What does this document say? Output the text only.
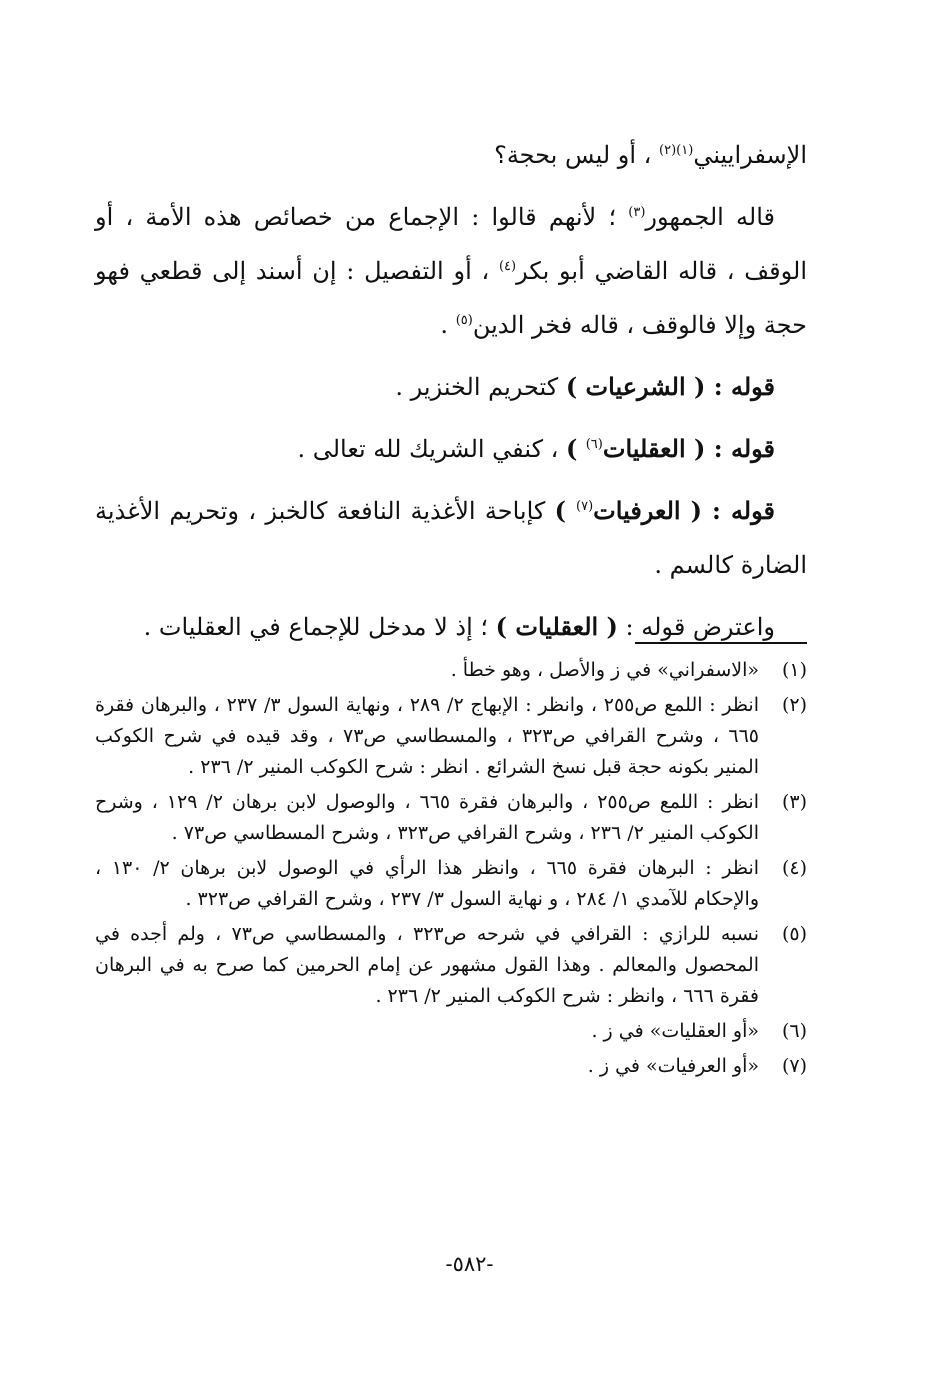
الإسفراييني$^{(١)(٢)}$ ، أو ليس بحجة؟

قاله الجمهور$^{(٣)}$ ؛ لأنهم قالوا : الإجماع من خصائص هذه الأمة ، أو الوقف ، قاله القاضي أبو بكر$^{(٤)}$ ، أو التفصيل : إن أسند إلى قطعي فهو حجة وإلا فالوقف ، قاله فخر الدين$^{(٥)}$ .

قوله : ( الشرعيات ) كتحريم الخنزير .

قوله : ( العقليات$^{(٦)}$ ) ، كنفي الشريك لله تعالى .

قوله : ( العرفيات$^{(٧)}$ ) كإباحة الأغذية النافعة كالخبز ، وتحريم الأغذية الضارة كالسم .

واعترض قوله : ( العقليات ) ؛ إذ لا مدخل للإجماع في العقليات .

(١)
«الاسفراني» في ز والأصل ، وهو خطأ .
(٢)
انظر : اللمع ص٢٥٥ ، وانظر : الإبهاج ٢/ ٢٨٩ ، ونهاية السول ٣/ ٢٣٧ ، والبرهان فقرة ٦٦٥ ، وشرح القرافي ص٣٢٣ ، والمسطاسي ص٧٣ ، وقد قيده في شرح الكوكب المنير بكونه حجة قبل نسخ الشرائع . انظر : شرح الكوكب المنير ٢/ ٢٣٦ .
(٣)
انظر : اللمع ص٢٥٥ ، والبرهان فقرة ٦٦٥ ، والوصول لابن برهان ٢/ ١٢٩ ، وشرح الكوكب المنير ٢/ ٢٣٦ ، وشرح القرافي ص٣٢٣ ، وشرح المسطاسي ص٧٣ .
(٤)
انظر : البرهان فقرة ٦٦٥ ، وانظر هذا الرأي في الوصول لابن برهان ٢/ ١٣٠ ، والإحكام للآمدي ١/ ٢٨٤ ، و نهاية السول ٣/ ٢٣٧ ، وشرح القرافي ص٣٢٣ .
(٥)
نسبه للرازي : القرافي في شرحه ص٣٢٣ ، والمسطاسي ص٧٣ ، ولم أجده في المحصول والمعالم . وهذا القول مشهور عن إمام الحرمين كما صرح به في البرهان فقرة ٦٦٦ ، وانظر : شرح الكوكب المنير ٢/ ٢٣٦ .
(٦)
«أو العقليات» في ز .
(٧)
«أو العرفيات» في ز .
-٥٨٢-
